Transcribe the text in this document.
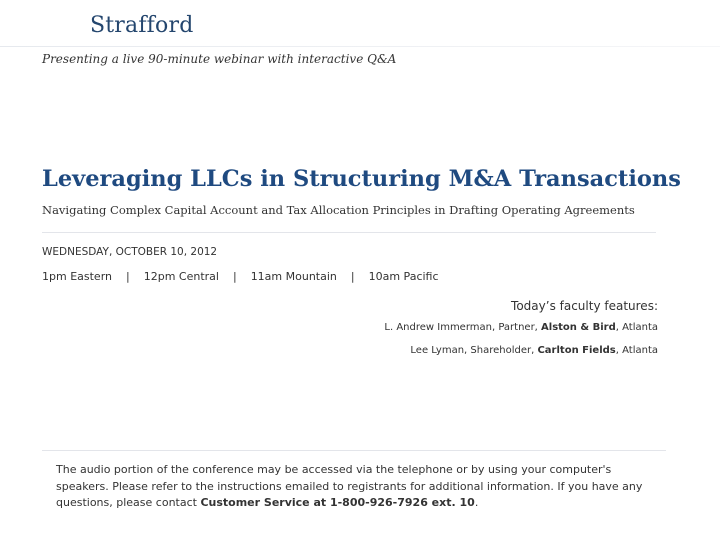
Strafford
Presenting a live 90-minute webinar with interactive Q&A
Leveraging LLCs in Structuring M&A Transactions
Navigating Complex Capital Account and Tax Allocation Principles in Drafting Operating Agreements
WEDNESDAY, OCTOBER 10, 2012
1pm Eastern | 12pm Central | 11am Mountain | 10am Pacific
Today’s faculty features:
L. Andrew Immerman, Partner, Alston & Bird, Atlanta
Lee Lyman, Shareholder, Carlton Fields, Atlanta
The audio portion of the conference may be accessed via the telephone or by using your computer's speakers. Please refer to the instructions emailed to registrants for additional information. If you have any questions, please contact Customer Service at 1-800-926-7926 ext. 10.
